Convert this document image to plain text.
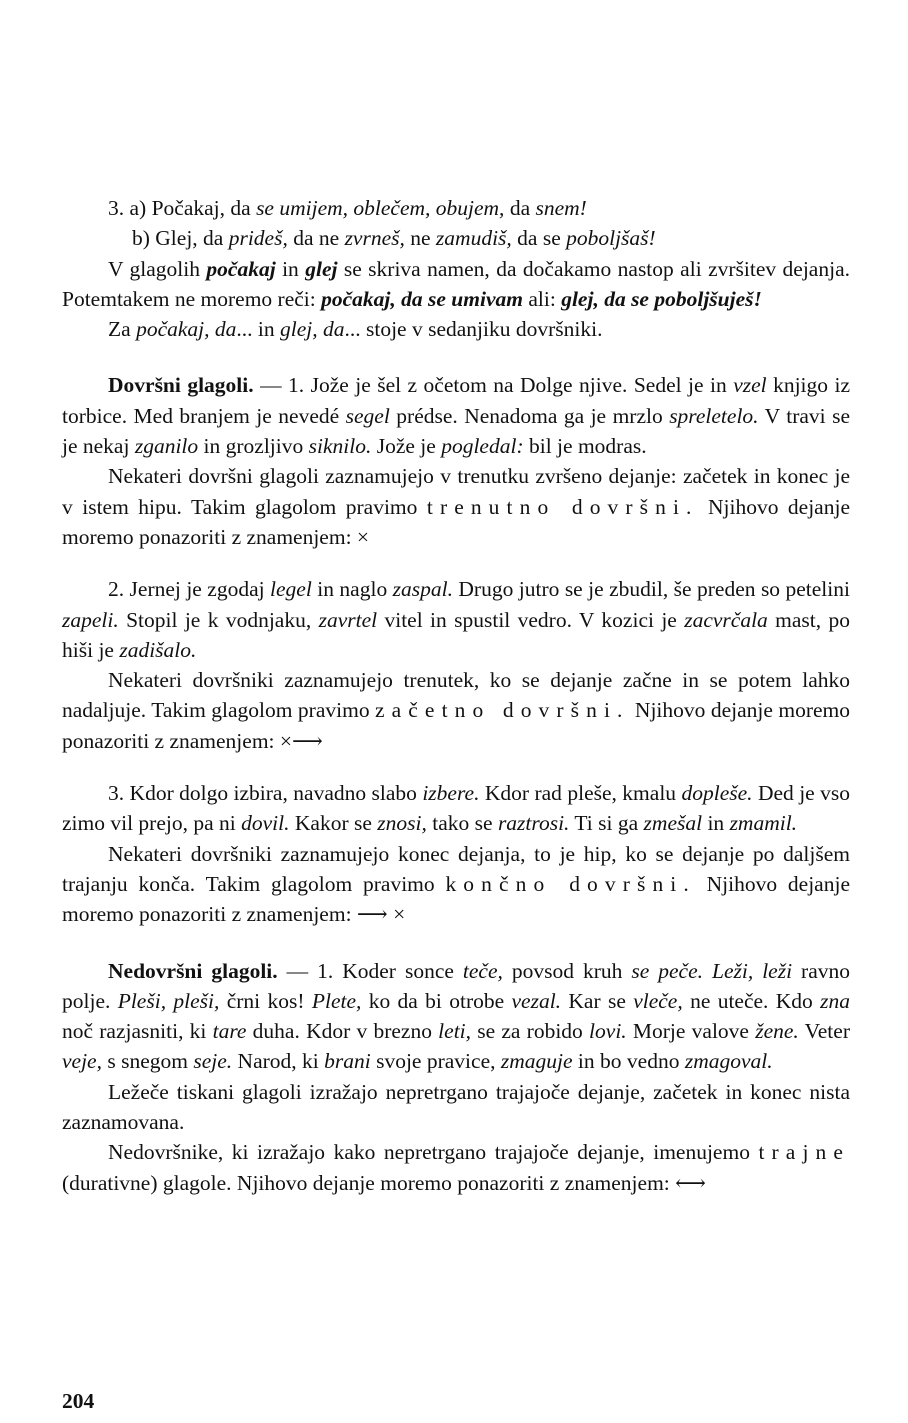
3. a) Počakaj, da se umijem, oblečem, obujem, da snem!

b) Glej, da prideš, da ne zvrneš, ne zamudiš, da se poboljšaš!

V glagolih počakaj in glej se skriva namen, da dočakamo nastop ali zvršitev dejanja. Potemtakem ne moremo reči: počakaj, da se umivam ali: glej, da se poboljšuješ!

Za počakaj, da... in glej, da... stoje v sedanjiku dovršniki.

Dovršni glagoli. — 1. Jože je šel z očetom na Dolge njive. Sedel je in vzel knjigo iz torbice. Med branjem je nevedé segel prédse. Nenadoma ga je mrzlo spreletelo. V travi se je nekaj zganilo in grozljivo siknilo. Jože je pogledal: bil je modras.

Nekateri dovršni glagoli zaznamujejo v trenutku zvršeno dejanje: začetek in konec je v istem hipu. Takim glagolom pravimo trenutno dovršni. Njihovo dejanje moremo ponazoriti z znamenjem: ×

2. Jernej je zgodaj legel in naglo zaspal. Drugo jutro se je zbudil, še preden so petelini zapeli. Stopil je k vodnjaku, zavrtel vitel in spustil vedro. V kozici je zacvrčala mast, po hiši je zadišalo.

Nekateri dovršniki zaznamujejo trenutek, ko se dejanje začne in se potem lahko nadaljuje. Takim glagolom pravimo začetno dovršni. Njihovo dejanje moremo ponazoriti z znamenjem: ×⟶

3. Kdor dolgo izbira, navadno slabo izbere. Kdor rad pleše, kmalu dopleše. Ded je vso zimo vil prejo, pa ni dovil. Kakor se znosi, tako se raztrosi. Ti si ga zmešal in zmamil.

Nekateri dovršniki zaznamujejo konec dejanja, to je hip, ko se dejanje po daljšem trajanju konča. Takim glagolom pravimo končno dovršni. Njihovo dejanje moremo ponazoriti z znamenjem: ⟶ ×

Nedovršni glagoli. — 1. Koder sonce teče, povsod kruh se peče. Leži, leži ravno polje. Pleši, pleši, črni kos! Plete, ko da bi otrobe vezal. Kar se vleče, ne uteče. Kdo zna noč razjasniti, ki tare duha. Kdor v brezno leti, se za robido lovi. Morje valove žene. Veter veje, s snegom seje. Narod, ki brani svoje pravice, zmaguje in bo vedno zmagoval.

Ležeče tiskani glagoli izražajo nepretrgano trajajoče dejanje, začetek in konec nista zaznamovana.

Nedovršnike, ki izražajo kako nepretrgano trajajoče dejanje, imenujemo trajne (durativne) glagole. Njihovo dejanje moremo ponazoriti z znamenjem: ⟷

204
